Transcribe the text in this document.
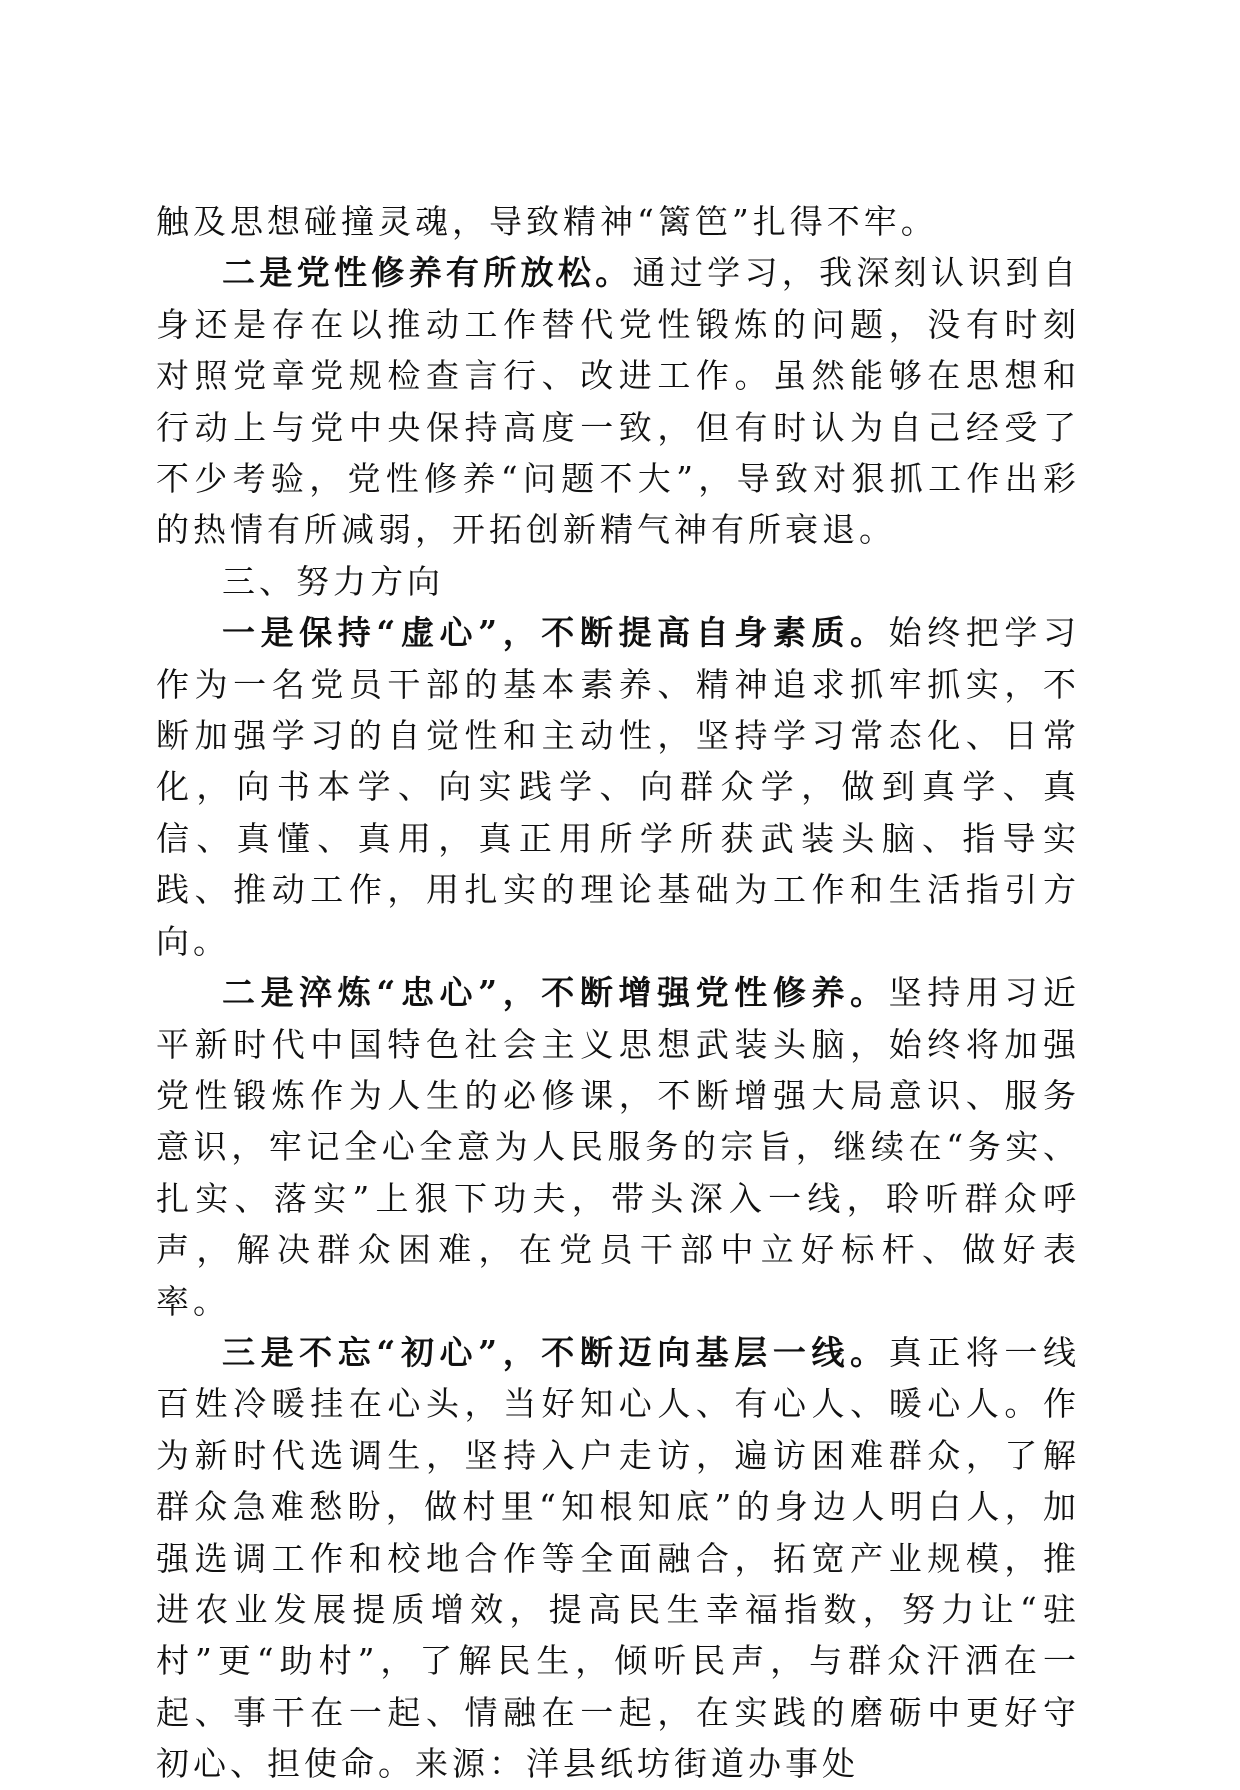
触及思想碰撞灵魂，导致精神“篱笆”扎得不牢。

二是党性修养有所放松。通过学习，我深刻认识到自身还是存在以推动工作替代党性锻炼的问题，没有时刻对照党章党规检查言行、改进工作。虽然能够在思想和行动上与党中央保持高度一致，但有时认为自己经受了不少考验，党性修养“问题不大”，导致对狠抓工作出彩的热情有所减弱，开拓创新精气神有所衰退。

三、努力方向

一是保持“虚心”，不断提高自身素质。始终把学习作为一名党员干部的基本素养、精神追求抓牢抓实，不断加强学习的自觉性和主动性，坚持学习常态化、日常化，向书本学、向实践学、向群众学，做到真学、真信、真懂、真用，真正用所学所获武装头脑、指导实践、推动工作，用扎实的理论基础为工作和生活指引方向。

二是淬炼“忠心”，不断增强党性修养。坚持用习近平新时代中国特色社会主义思想武装头脑，始终将加强党性锻炼作为人生的必修课，不断增强大局意识、服务意识，牢记全心全意为人民服务的宗旨，继续在“务实、扎实、落实”上狠下功夫，带头深入一线，聆听群众呼声，解决群众困难，在党员干部中立好标杆、做好表率。

三是不忘“初心”，不断迈向基层一线。真正将一线百姓冷暖挂在心头，当好知心人、有心人、暖心人。作为新时代选调生，坚持入户走访，遍访困难群众，了解群众急难愁盼，做村里“知根知底”的身边人明白人，加强选调工作和校地合作等全面融合，拓宽产业规模，推进农业发展提质增效，提高民生幸福指数，努力让“驻村”更“助村”，了解民生，倾听民声，与群众汗洒在一起、事干在一起、情融在一起，在实践的磨砺中更好守初心、担使命。来源：洋县纸坊街道办事处
